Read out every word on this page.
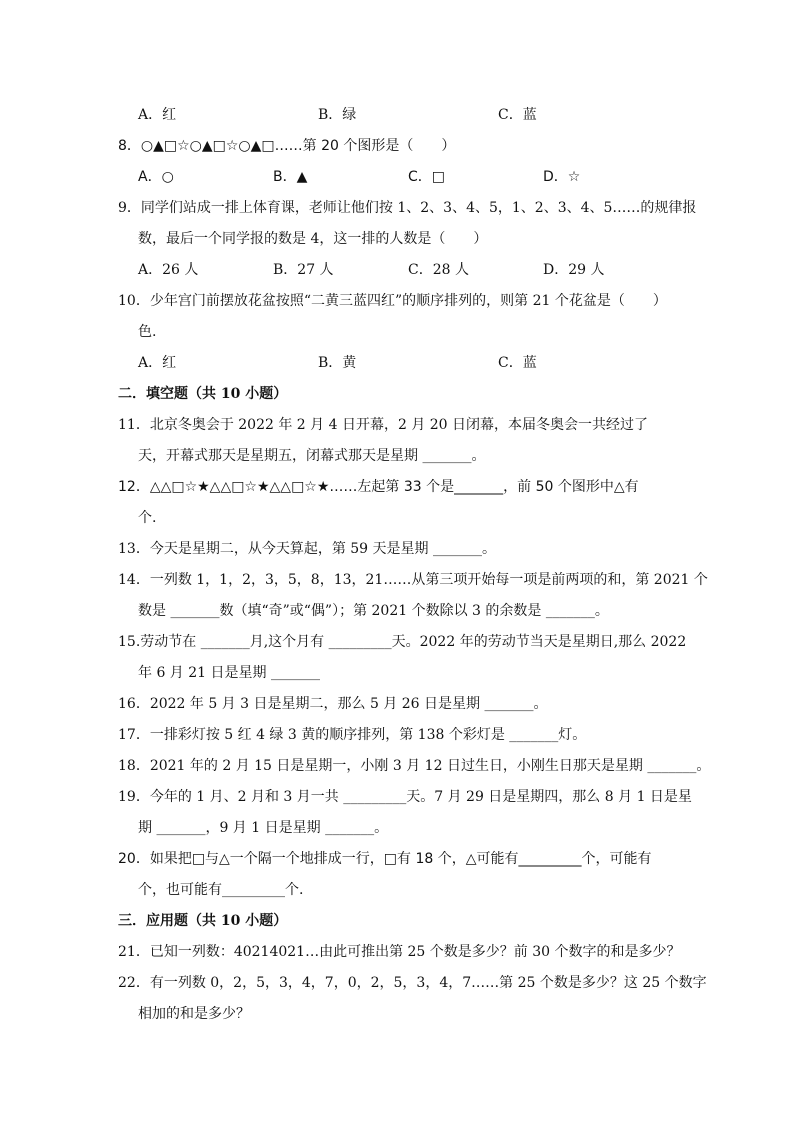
A．红	B．绿	C．蓝
8．○▲□☆○▲□☆○▲□……第 20 个图形是（　　）
A．○	B．▲	C．□	D．☆
9．同学们站成一排上体育课，老师让他们按 1、2、3、4、5，1、2、3、4、5……的规律报
数，最后一个同学报的数是 4，这一排的人数是（　　）
A．26 人	B．27 人	C．28 人	D．29 人
10．少年宫门前摆放花盆按照“二黄三蓝四红”的顺序排列的，则第 21 个花盆是（　　）
色.
A．红	B．黄	C．蓝
二．填空题（共 10 小题）
11．北京冬奥会于 2022 年 2 月 4 日开幕，2 月 20 日闭幕，本届冬奥会一共经过了
天，开幕式那天是星期五，闭幕式那天是星期 _______。
12．△△□☆★△△□☆★△△□☆★……左起第 33 个是_______，前 50 个图形中△有
个.
13．今天是星期二，从今天算起，第 59 天是星期 _______。
14．一列数 1，1，2，3，5，8，13，21……从第三项开始每一项是前两项的和，第 2021 个
数是 _______数（填“奇”或“偶”）；第 2021 个数除以 3 的余数是 _______。
15.劳动节在 _______月,这个月有 _________天。2022 年的劳动节当天是星期日,那么 2022
年 6 月 21 日是星期 _______
16．2022 年 5 月 3 日是星期二，那么 5 月 26 日是星期 _______。
17．一排彩灯按 5 红 4 绿 3 黄的顺序排列，第 138 个彩灯是 _______灯。
18．2021 年的 2 月 15 日是星期一，小刚 3 月 12 日过生日，小刚生日那天是星期 _______。
19．今年的 1 月、2 月和 3 月一共 _________天。7 月 29 日是星期四，那么 8 月 1 日是星
期 _______，9 月 1 日是星期 _______。
20．如果把□与△一个隔一个地排成一行，□有 18 个，△可能有_________个，可能有
个，也可能有_________个.
三．应用题（共 10 小题）
21．已知一列数：40214021…由此可推出第 25 个数是多少？前 30 个数字的和是多少？
22．有一列数 0，2，5，3，4，7，0，2，5，3，4，7……第 25 个数是多少？这 25 个数字
相加的和是多少？
